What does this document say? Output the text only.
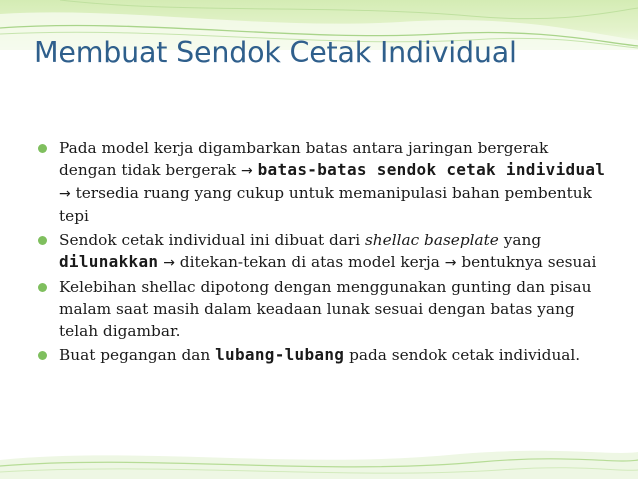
Membuat Sendok Cetak Individual
Pada model kerja digambarkan batas antara jaringan bergerak dengan tidak bergerak → batas-batas sendok cetak individual → tersedia ruang yang cukup untuk memanipulasi bahan pembentuk tepi
Sendok cetak individual ini dibuat dari shellac baseplate yang dilunakkan → ditekan-tekan di atas model kerja → bentuknya sesuai
Kelebihan shellac dipotong dengan menggunakan gunting dan pisau malam saat masih dalam keadaan lunak sesuai dengan batas yang telah digambar.
Buat pegangan dan lubang-lubang pada sendok cetak individual.
